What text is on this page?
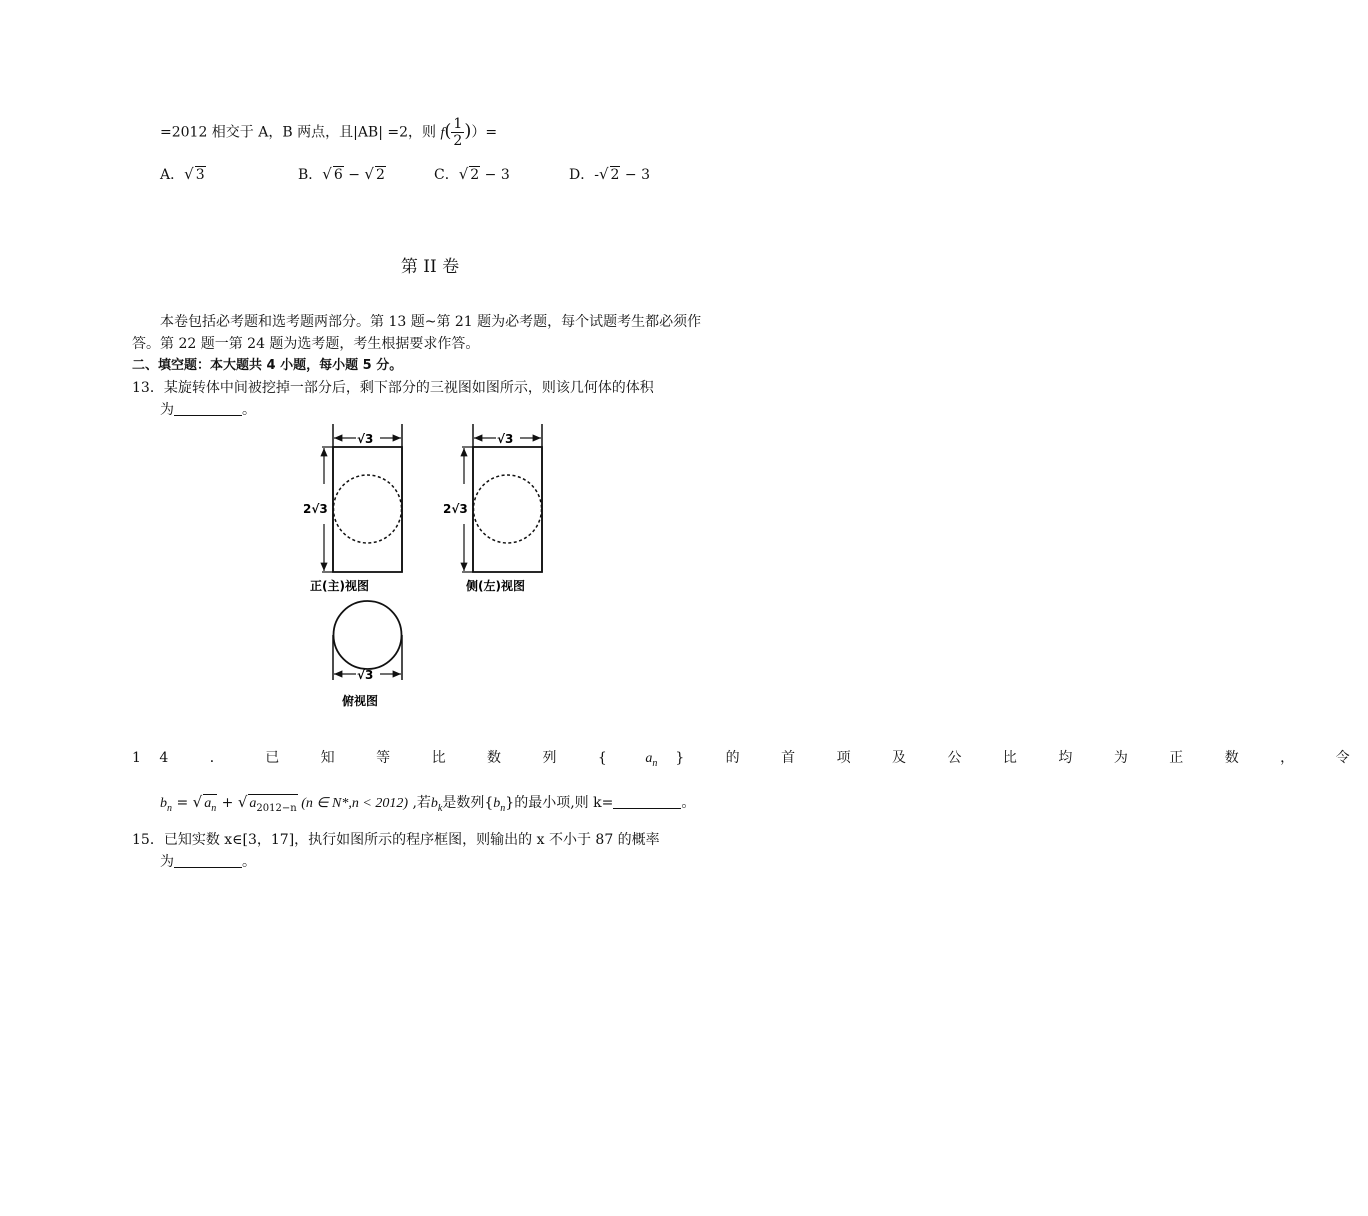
=2012 相交于 A，B 两点，且|AB| =2，则 $f( \frac{1}{2}$ )）=
A．√ 3	B．√ 6 − √ 2	C．√ 2 − 3	D．-√ 2 − 3
第 II 卷
本卷包括必考题和选考题两部分。第 13 题~第 21 题为必考题，每个试题考生都必须作
答。第 22 题一第 24 题为选考题，考生根据要求作答。
二、填空题：本大题共 4 小题，每小题 5 分。
13．某旋转体中间被挖掉一部分后，剩下部分的三视图如图所示，则该几何体的体积
为	。
√3
2√3
正(主)视图
√3
2√3
侧(左)视图
√3
俯视图
14 ． 已 知 等 比 数 列 { $a_n$ } 的 首 项 及 公 比 均 为 正 数 ， 令
$b_n$ = √ $a_n$ + √ $a_{2012-n}$ (n ∈ N*,n < 2012) ,若$b_k$是数列$\{b_n\}$的最小项,则 k=	。
15．已知实数 x∈[3，17]，执行如图所示的程序框图，则输出的 x 不小于 87 的概率
为	。
